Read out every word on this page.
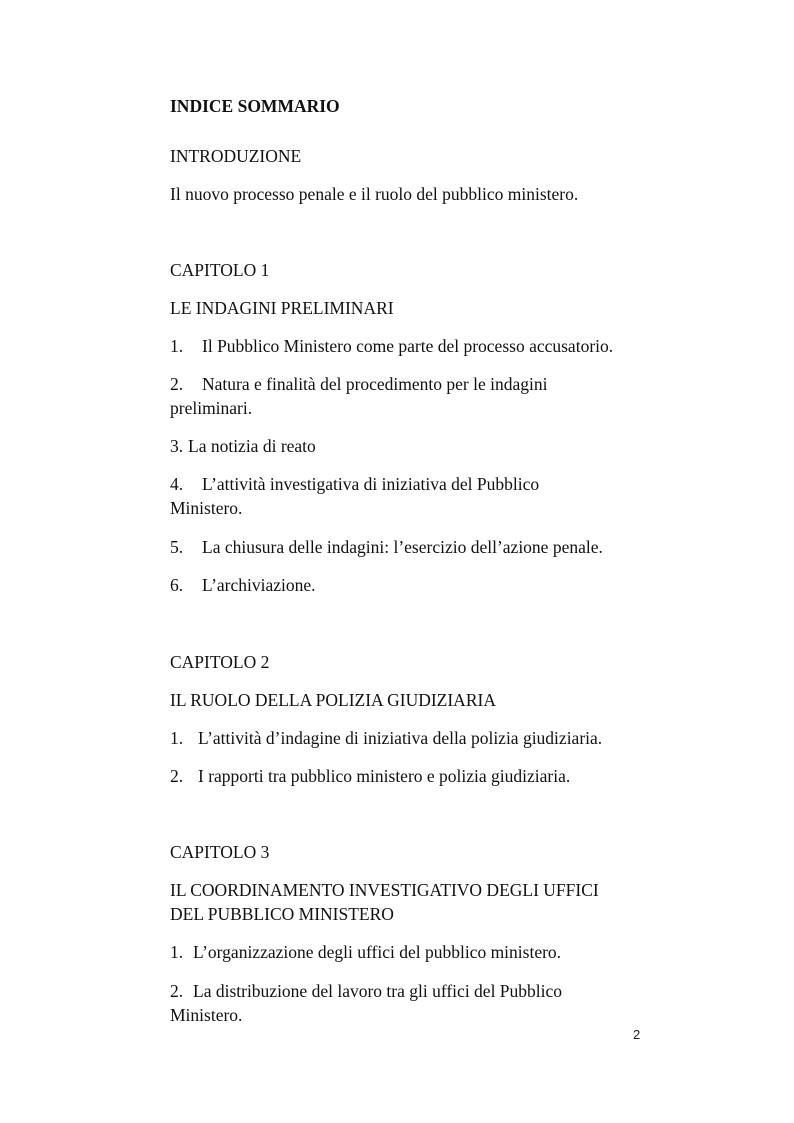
INDICE SOMMARIO
INTRODUZIONE
Il nuovo processo penale e il ruolo del pubblico ministero.
CAPITOLO 1
LE INDAGINI PRELIMINARI
1. Il Pubblico Ministero come parte del processo accusatorio.
2. Natura e finalità del procedimento per le indagini
preliminari.
3. La notizia di reato
4. L’attività investigativa di iniziativa del Pubblico
Ministero.
5. La chiusura delle indagini: l’esercizio dell’azione penale.
6. L’archiviazione.
CAPITOLO 2
IL RUOLO DELLA POLIZIA GIUDIZIARIA
1. L’attività d’indagine di iniziativa della polizia giudiziaria.
2. I rapporti tra pubblico ministero e polizia giudiziaria.
CAPITOLO 3
IL COORDINAMENTO INVESTIGATIVO DEGLI UFFICI
DEL PUBBLICO MINISTERO
1. L’organizzazione degli uffici del pubblico ministero.
2. La distribuzione del lavoro tra gli uffici del Pubblico
Ministero.
2
